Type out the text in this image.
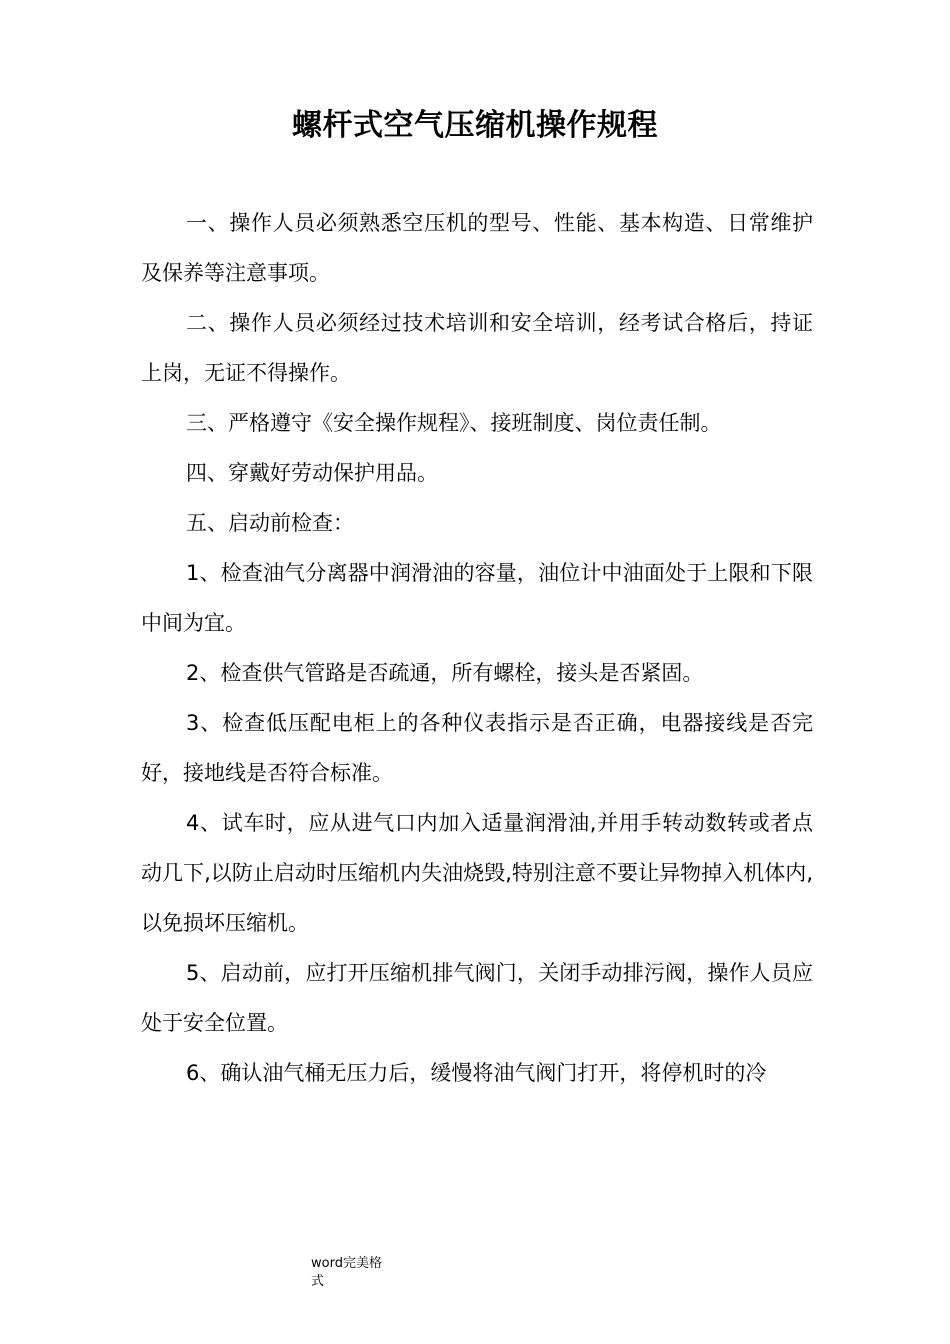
螺杆式空气压缩机操作规程

一、操作人员必须熟悉空压机的型号、性能、基本构造、日常维护及保养等注意事项。

二、操作人员必须经过技术培训和安全培训，经考试合格后，持证上岗，无证不得操作。

三、严格遵守《安全操作规程》、接班制度、岗位责任制。

四、穿戴好劳动保护用品。

五、启动前检查：

1、检查油气分离器中润滑油的容量，油位计中油面处于上限和下限中间为宜。

2、检查供气管路是否疏通，所有螺栓，接头是否紧固。

3、检查低压配电柜上的各种仪表指示是否正确，电器接线是否完好，接地线是否符合标准。

4、试车时，应从进气口内加入适量润滑油,并用手转动数转或者点动几下,以防止启动时压缩机内失油烧毁,特别注意不要让异物掉入机体内,以免损坏压缩机。

5、启动前，应打开压缩机排气阀门，关闭手动排污阀，操作人员应处于安全位置。

6、确认油气桶无压力后，缓慢将油气阀门打开，将停机时的冷

word完美格式
